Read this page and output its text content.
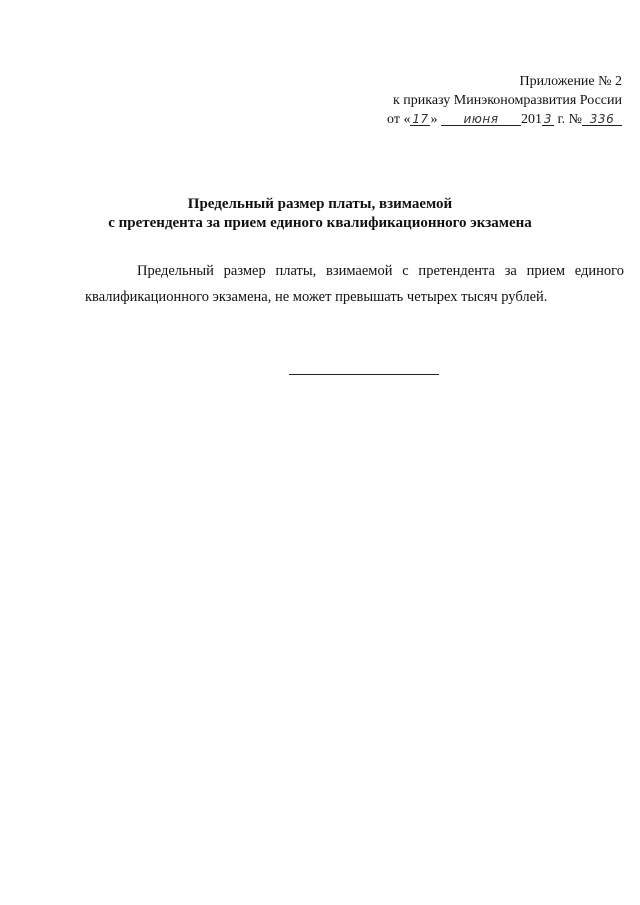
Приложение № 2
к приказу Минэкономразвития России
от « 17 » июня 201 3 г. № 336
Предельный размер платы, взимаемой
с претендента за прием единого квалификационного экзамена

Предельный размер платы, взимаемой с претендента за прием единого квалификационного экзамена, не может превышать четырех тысяч рублей.
